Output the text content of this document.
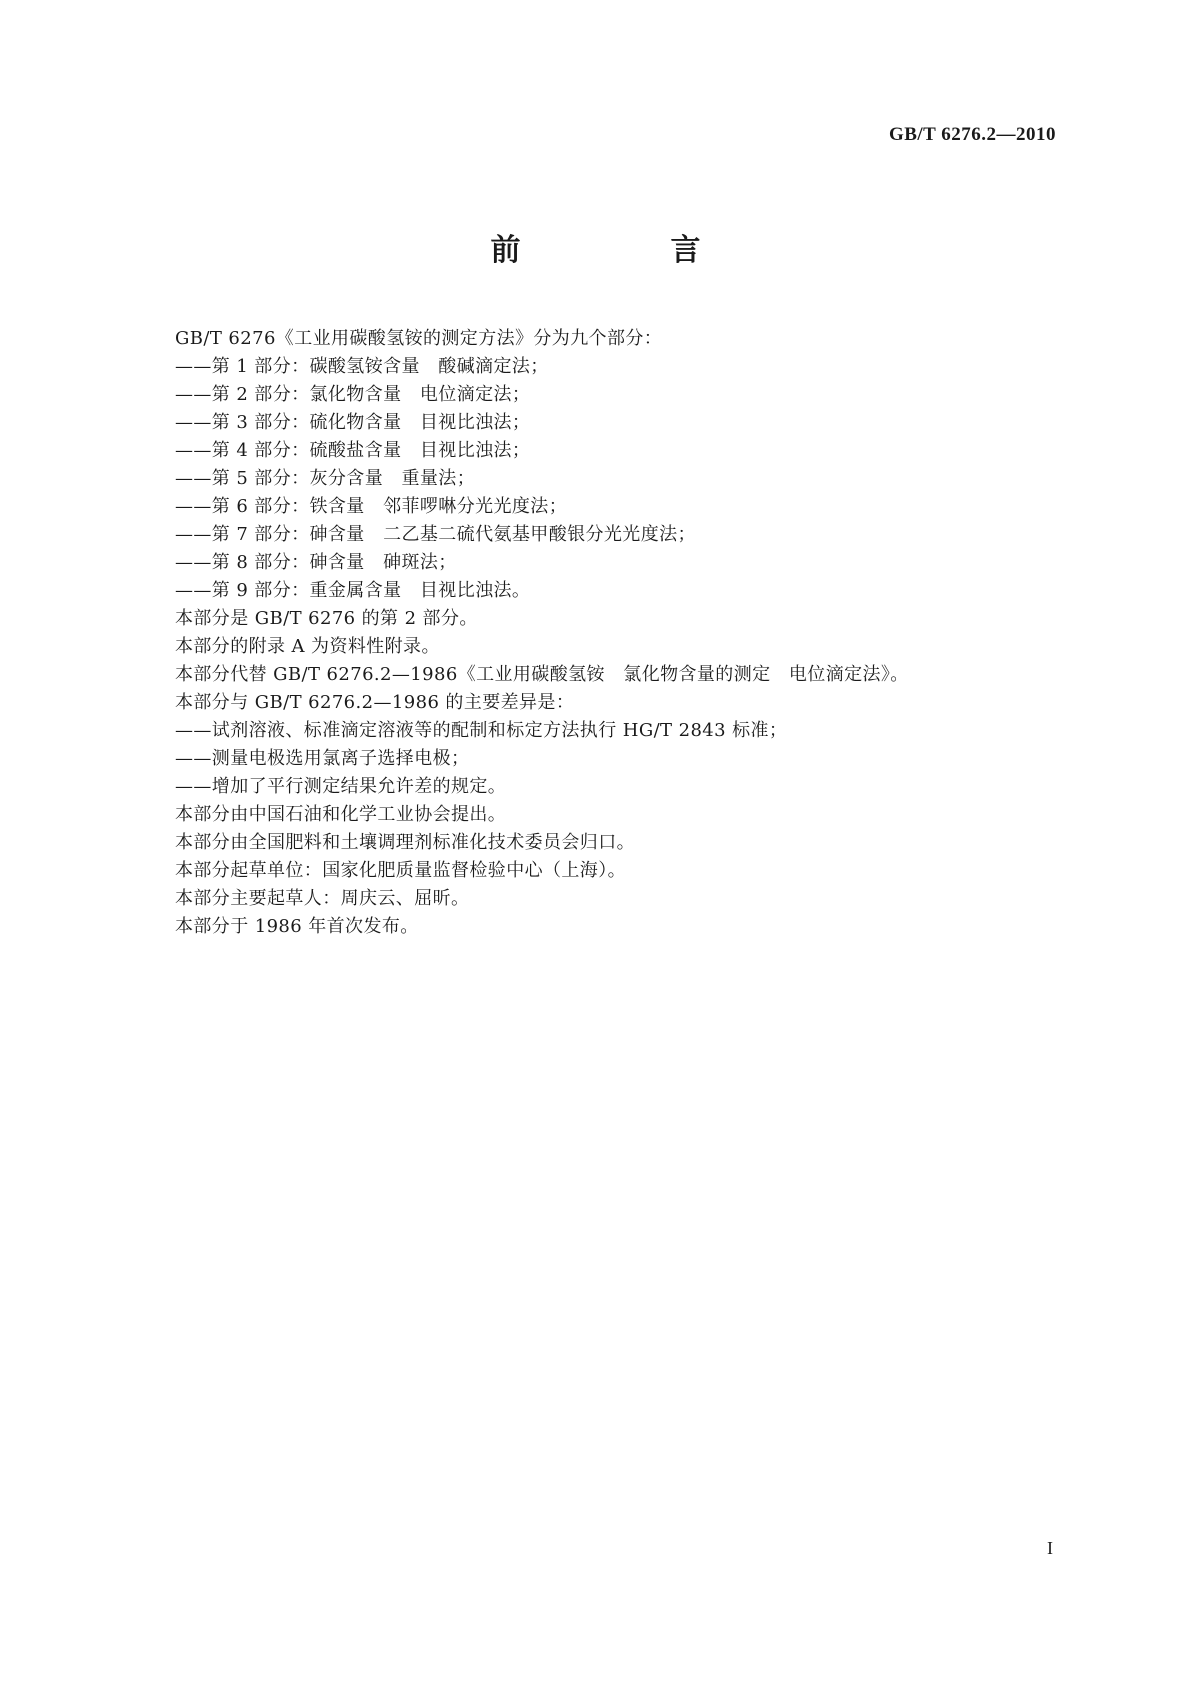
GB/T 6276.2—2010
前　言
GB/T 6276《工业用碳酸氢铵的测定方法》分为九个部分：
——第 1 部分：碳酸氢铵含量　酸碱滴定法；
——第 2 部分：氯化物含量　电位滴定法；
——第 3 部分：硫化物含量　目视比浊法；
——第 4 部分：硫酸盐含量　目视比浊法；
——第 5 部分：灰分含量　重量法；
——第 6 部分：铁含量　邻菲啰啉分光光度法；
——第 7 部分：砷含量　二乙基二硫代氨基甲酸银分光光度法；
——第 8 部分：砷含量　砷斑法；
——第 9 部分：重金属含量　目视比浊法。
本部分是 GB/T 6276 的第 2 部分。
本部分的附录 A 为资料性附录。
本部分代替 GB/T 6276.2—1986《工业用碳酸氢铵　氯化物含量的测定　电位滴定法》。
本部分与 GB/T 6276.2—1986 的主要差异是：
——试剂溶液、标准滴定溶液等的配制和标定方法执行 HG/T 2843 标准；
——测量电极选用氯离子选择电极；
——增加了平行测定结果允许差的规定。
本部分由中国石油和化学工业协会提出。
本部分由全国肥料和土壤调理剂标准化技术委员会归口。
本部分起草单位：国家化肥质量监督检验中心（上海）。
本部分主要起草人：周庆云、屈昕。
本部分于 1986 年首次发布。
I
